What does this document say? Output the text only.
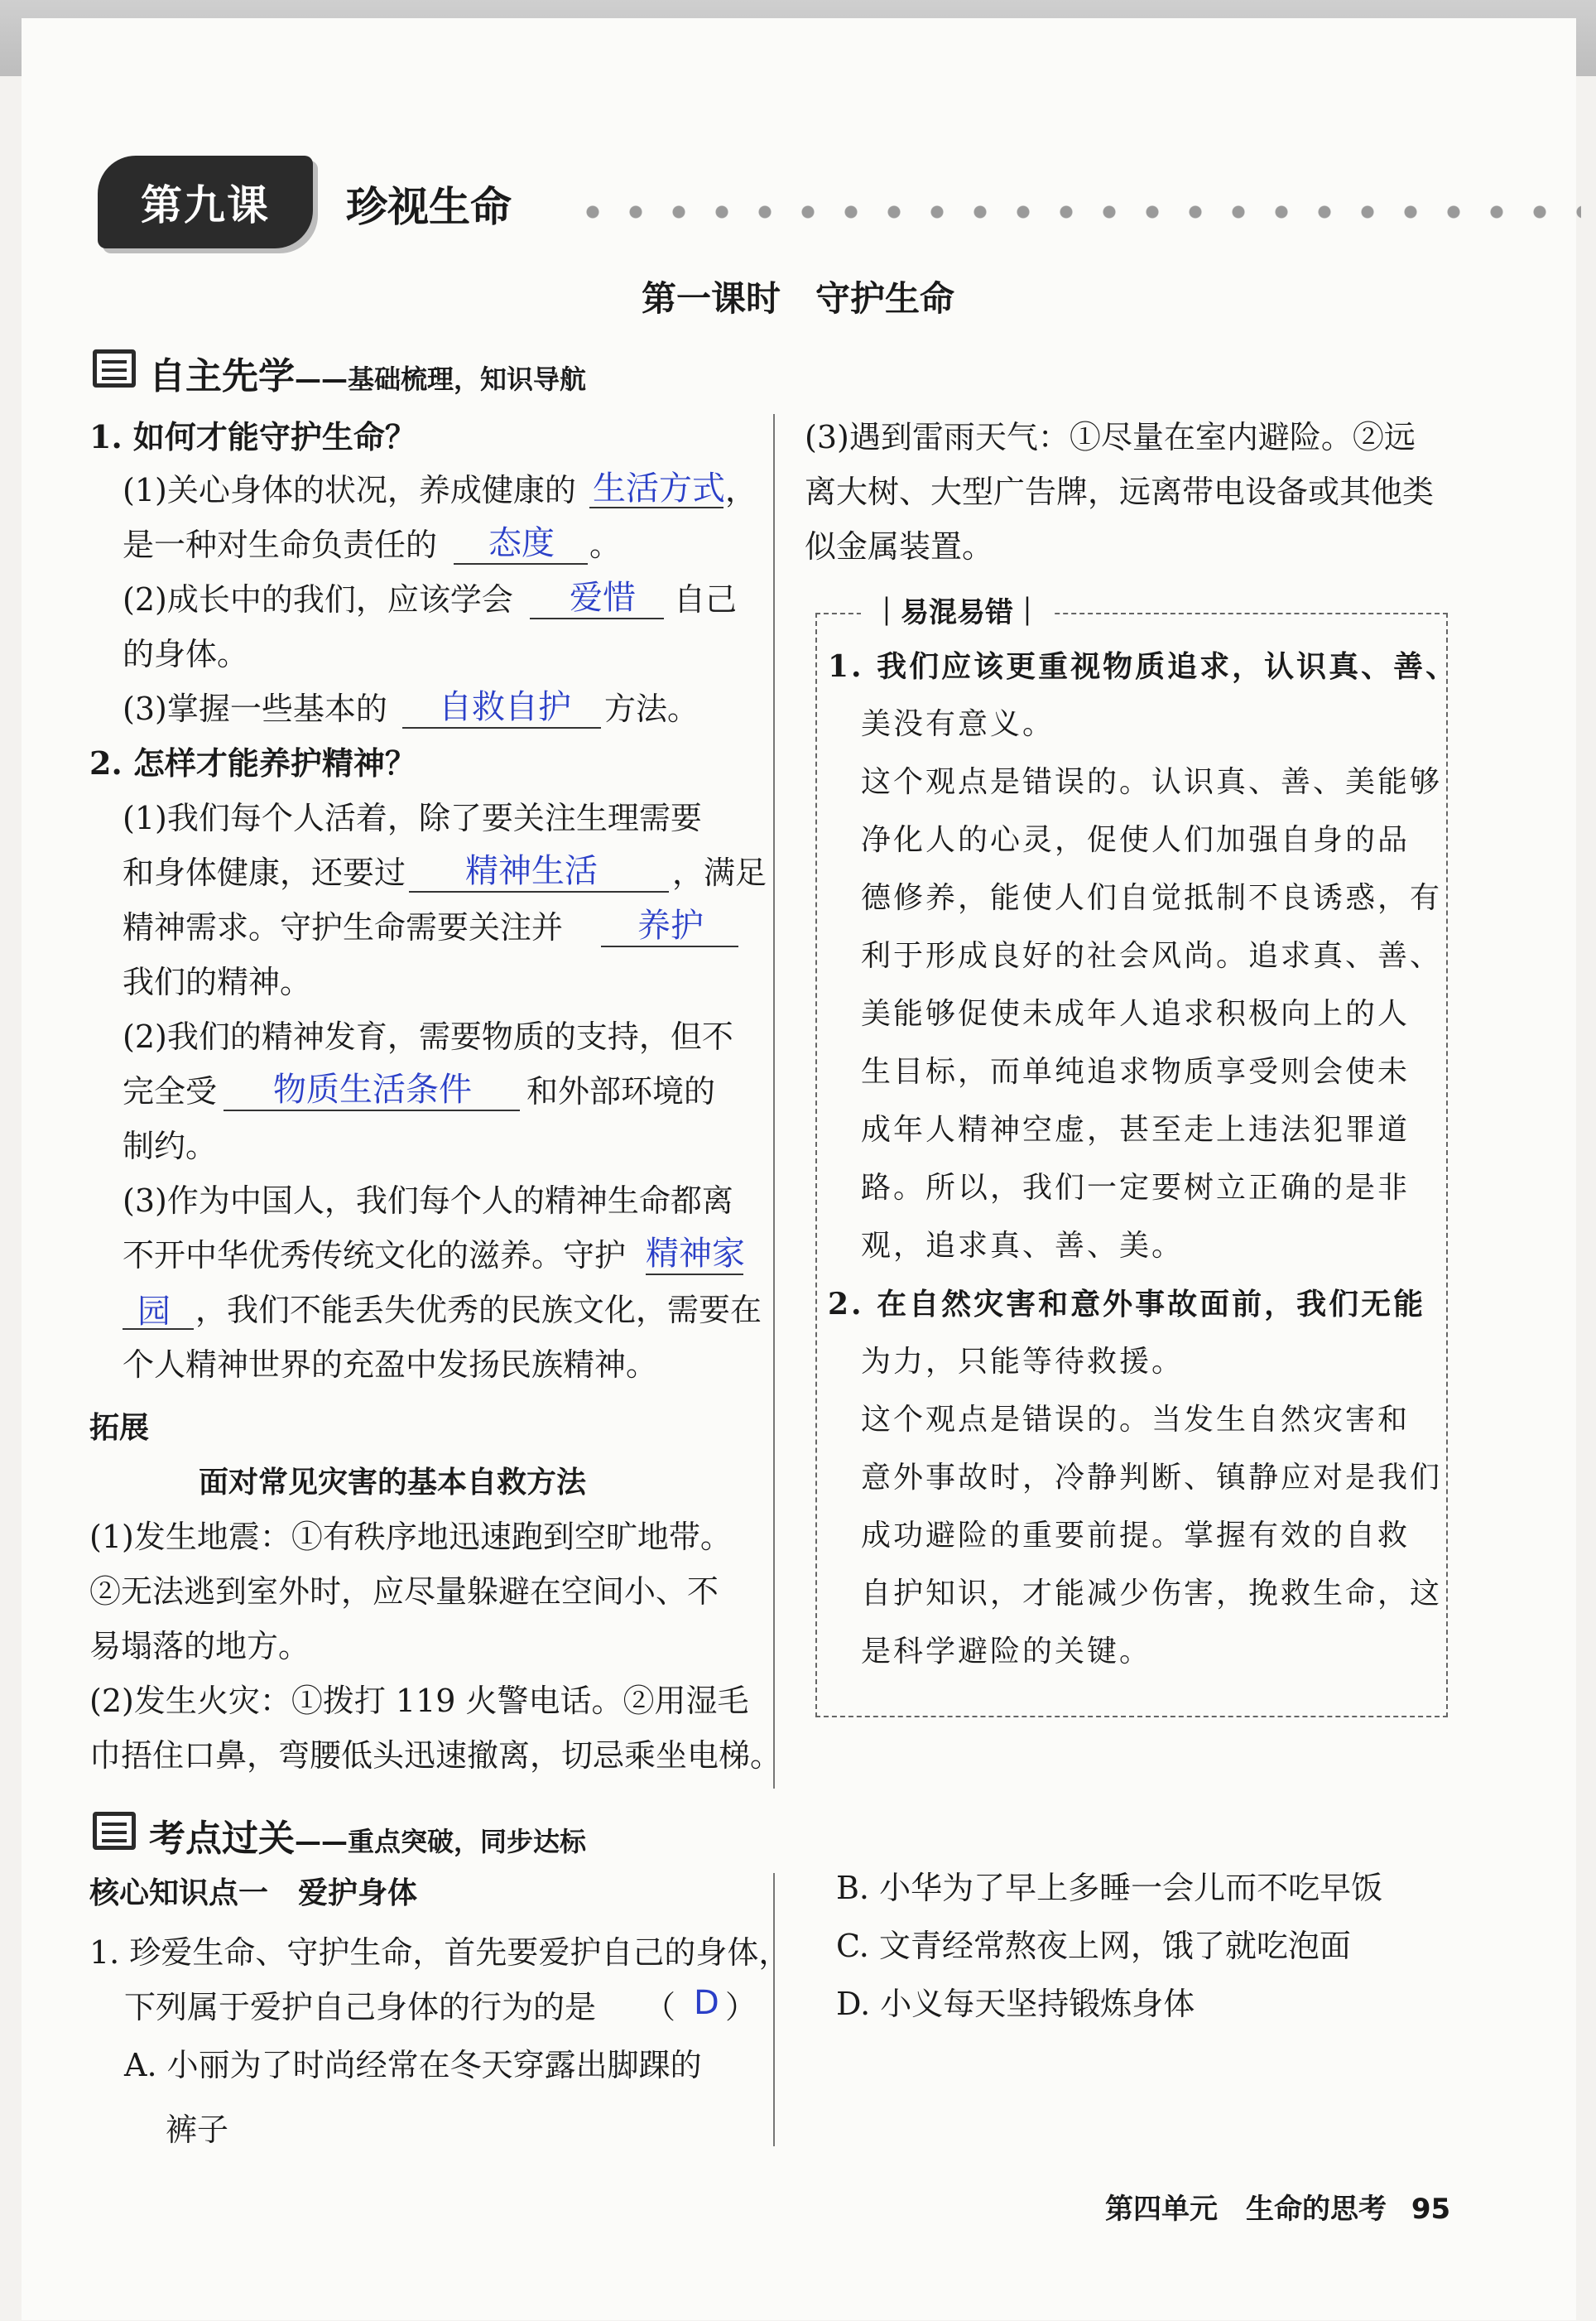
第九课	珍视生命
第一课时　守护生命
自主先学——基础梳理，知识导航
1. 如何才能守护生命？
(1)关心身体的状况，养成健康的 生活方式 ，
是一种对生命负责任的 态度 。
(2)成长中的我们，应该学会 爱惜 自己
的身体。
(3)掌握一些基本的 自救自护 方法。
2. 怎样才能养护精神？
(1)我们每个人活着，除了要关注生理需要
和身体健康，还要过 精神生活 ，满足
精神需求。守护生命需要关注并 养护
我们的精神。
(2)我们的精神发育，需要物质的支持，但不
完全受 物质生活条件 和外部环境的
制约。
(3)作为中国人，我们每个人的精神生命都离
不开中华优秀传统文化的滋养。守护 精神家
园 ，我们不能丢失优秀的民族文化，需要在
个人精神世界的充盈中发扬民族精神。
拓展
面对常见灾害的基本自救方法
(1)发生地震：①有秩序地迅速跑到空旷地带。
②无法逃到室外时，应尽量躲避在空间小、不
易塌落的地方。
(2)发生火灾：①拨打 119 火警电话。②用湿毛
巾捂住口鼻，弯腰低头迅速撤离，切忌乘坐电梯。
(3)遇到雷雨天气：①尽量在室内避险。②远
离大树、大型广告牌，远离带电设备或其他类
似金属装置。
｜易混易错｜
1. 我们应该更重视物质追求，认识真、善、
美没有意义。
这个观点是错误的。认识真、善、美能够
净化人的心灵，促使人们加强自身的品
德修养，能使人们自觉抵制不良诱惑，有
利于形成良好的社会风尚。追求真、善、
美能够促使未成年人追求积极向上的人
生目标，而单纯追求物质享受则会使未
成年人精神空虚，甚至走上违法犯罪道
路。所以，我们一定要树立正确的是非
观，追求真、善、美。
2. 在自然灾害和意外事故面前，我们无能
为力，只能等待救援。
这个观点是错误的。当发生自然灾害和
意外事故时，冷静判断、镇静应对是我们
成功避险的重要前提。掌握有效的自救
自护知识，才能减少伤害，挽救生命，这
是科学避险的关键。
考点过关——重点突破，同步达标
核心知识点一　爱护身体
1. 珍爱生命、守护生命，首先要爱护自己的身体，
下列属于爱护自己身体的行为的是 （ D ）
A. 小丽为了时尚经常在冬天穿露出脚踝的
裤子
B. 小华为了早上多睡一会儿而不吃早饭
C. 文青经常熬夜上网，饿了就吃泡面
D. 小义每天坚持锻炼身体
第四单元　生命的思考 95
